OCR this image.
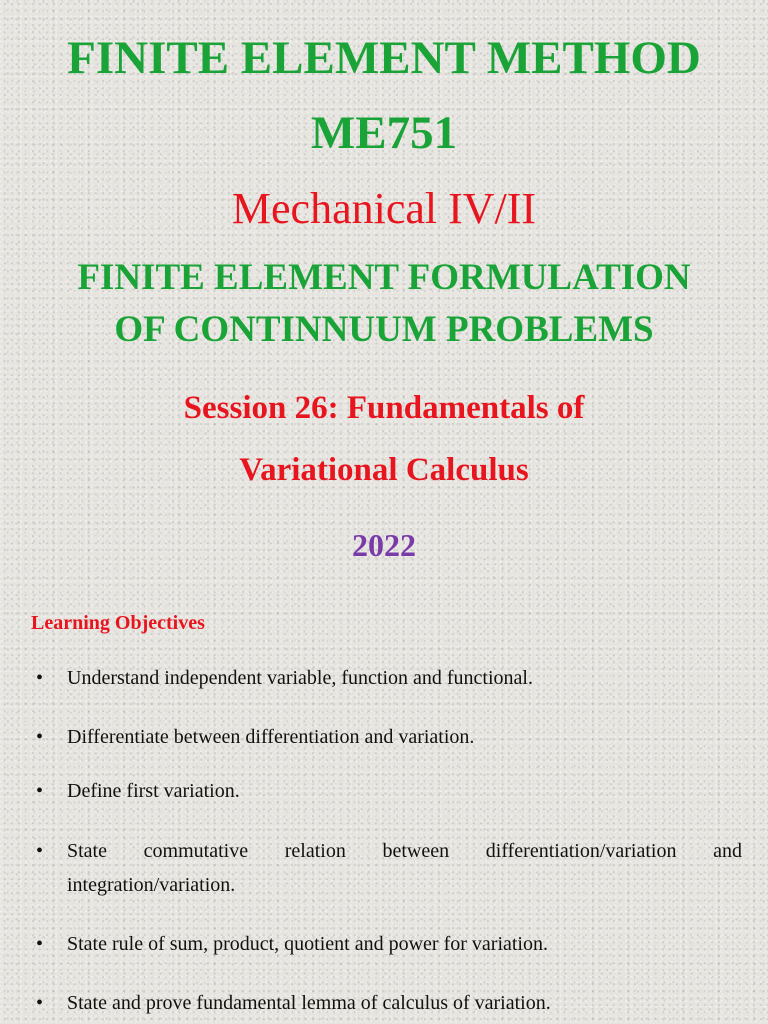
FINITE ELEMENT METHOD
ME751
Mechanical IV/II
FINITE ELEMENT FORMULATION
OF CONTINNUUM PROBLEMS
Session 26: Fundamentals of
Variational Calculus
2022
Learning Objectives
•	Understand independent variable, function and functional.
•	Differentiate between differentiation and variation.
•	Define first variation.
•	State commutative relation between differentiation/variation and integration/variation.
•	State rule of sum, product, quotient and power for variation.
•	State and prove fundamental lemma of calculus of variation.
